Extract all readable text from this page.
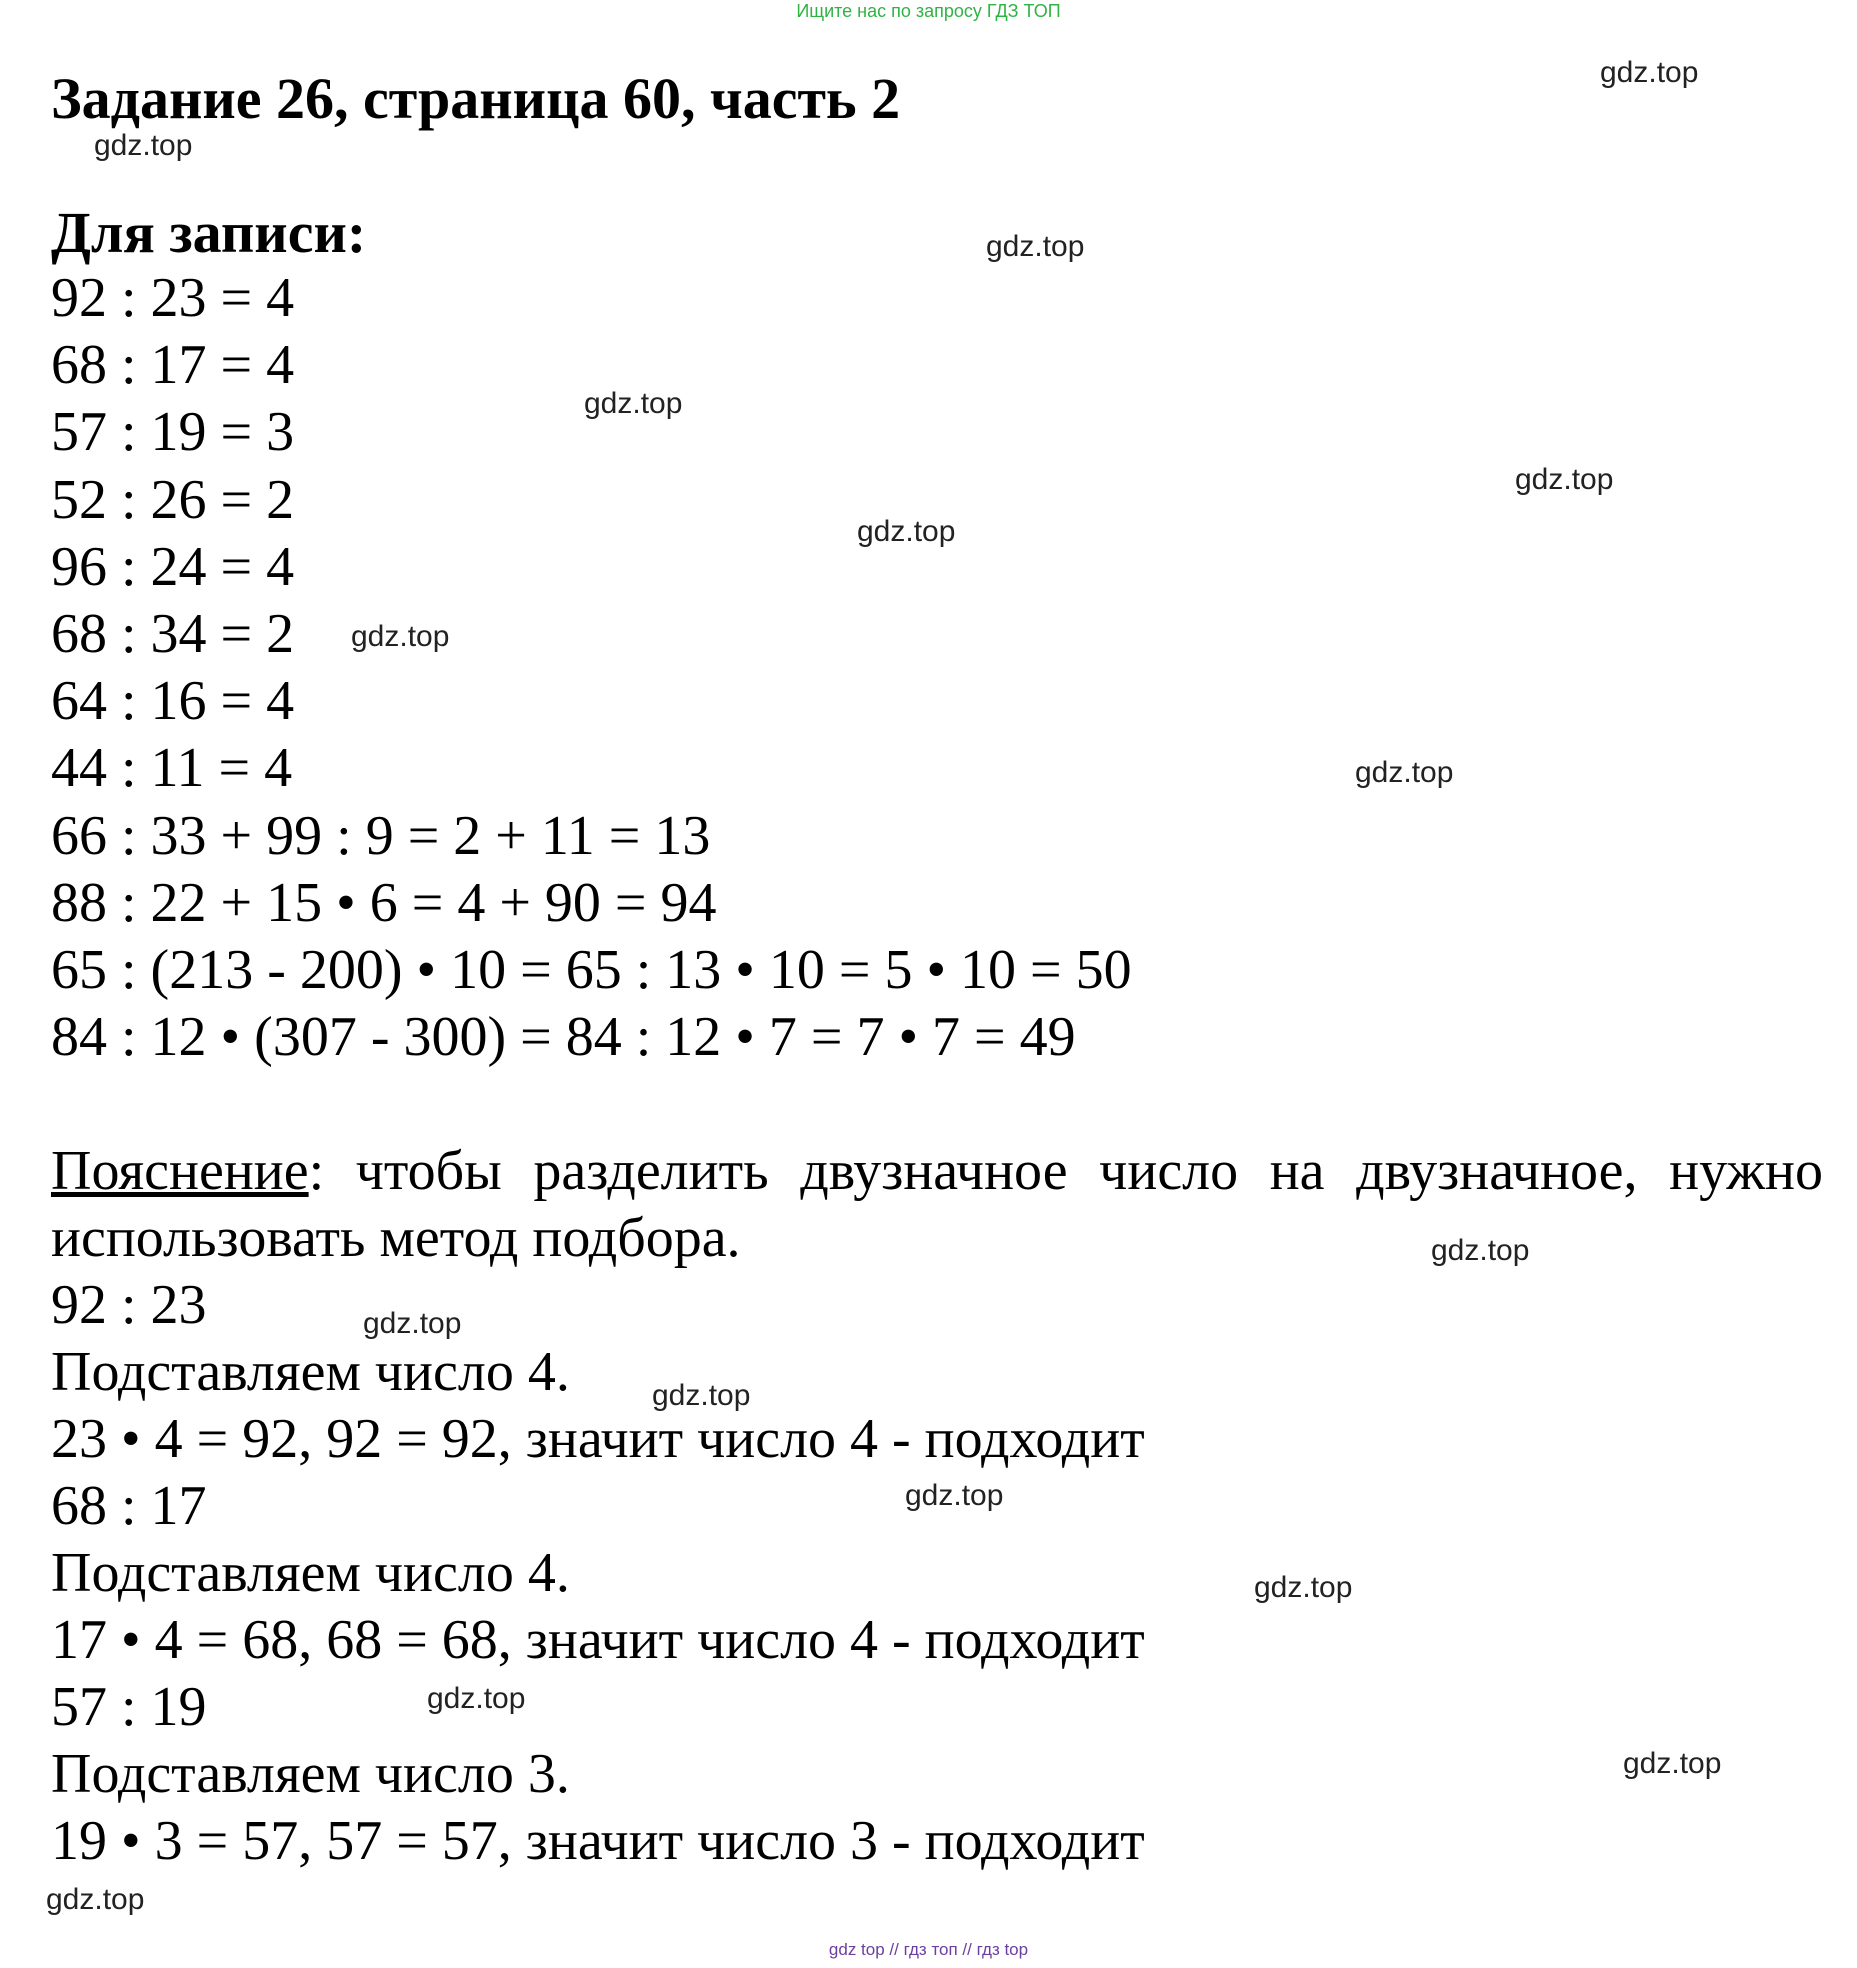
Ищите нас по запросу ГДЗ ТОП
Задание 26, страница 60, часть 2
Для записи:
92 : 23 = 4
68 : 17 = 4
57 : 19 = 3
52 : 26 = 2
96 : 24 = 4
68 : 34 = 2
64 : 16 = 4
44 : 11 = 4
66 : 33 + 99 : 9 = 2 + 11 = 13
88 : 22 + 15 • 6 = 4 + 90 = 94
65 : (213 - 200) • 10 = 65 : 13 • 10 = 5 • 10 = 50
84 : 12 • (307 - 300) = 84 : 12 • 7 = 7 • 7 = 49

Пояснение: чтобы разделить двузначное число на двузначное, нужно использовать метод подбора.

92 : 23
Подставляем число 4.
23 • 4 = 92, 92 = 92, значит число 4 - подходит
68 : 17
Подставляем число 4.
17 • 4 = 68, 68 = 68, значит число 4 - подходит
57 : 19
Подставляем число 3.
19 • 3 = 57, 57 = 57, значит число 3 - подходит
gdz.top
gdz.top
gdz.top
gdz.top
gdz.top
gdz.top
gdz.top
gdz.top
gdz.top
gdz.top
gdz.top
gdz.top
gdz.top
gdz.top
gdz.top
gdz.top
gdz top // гдз топ // гдз top
